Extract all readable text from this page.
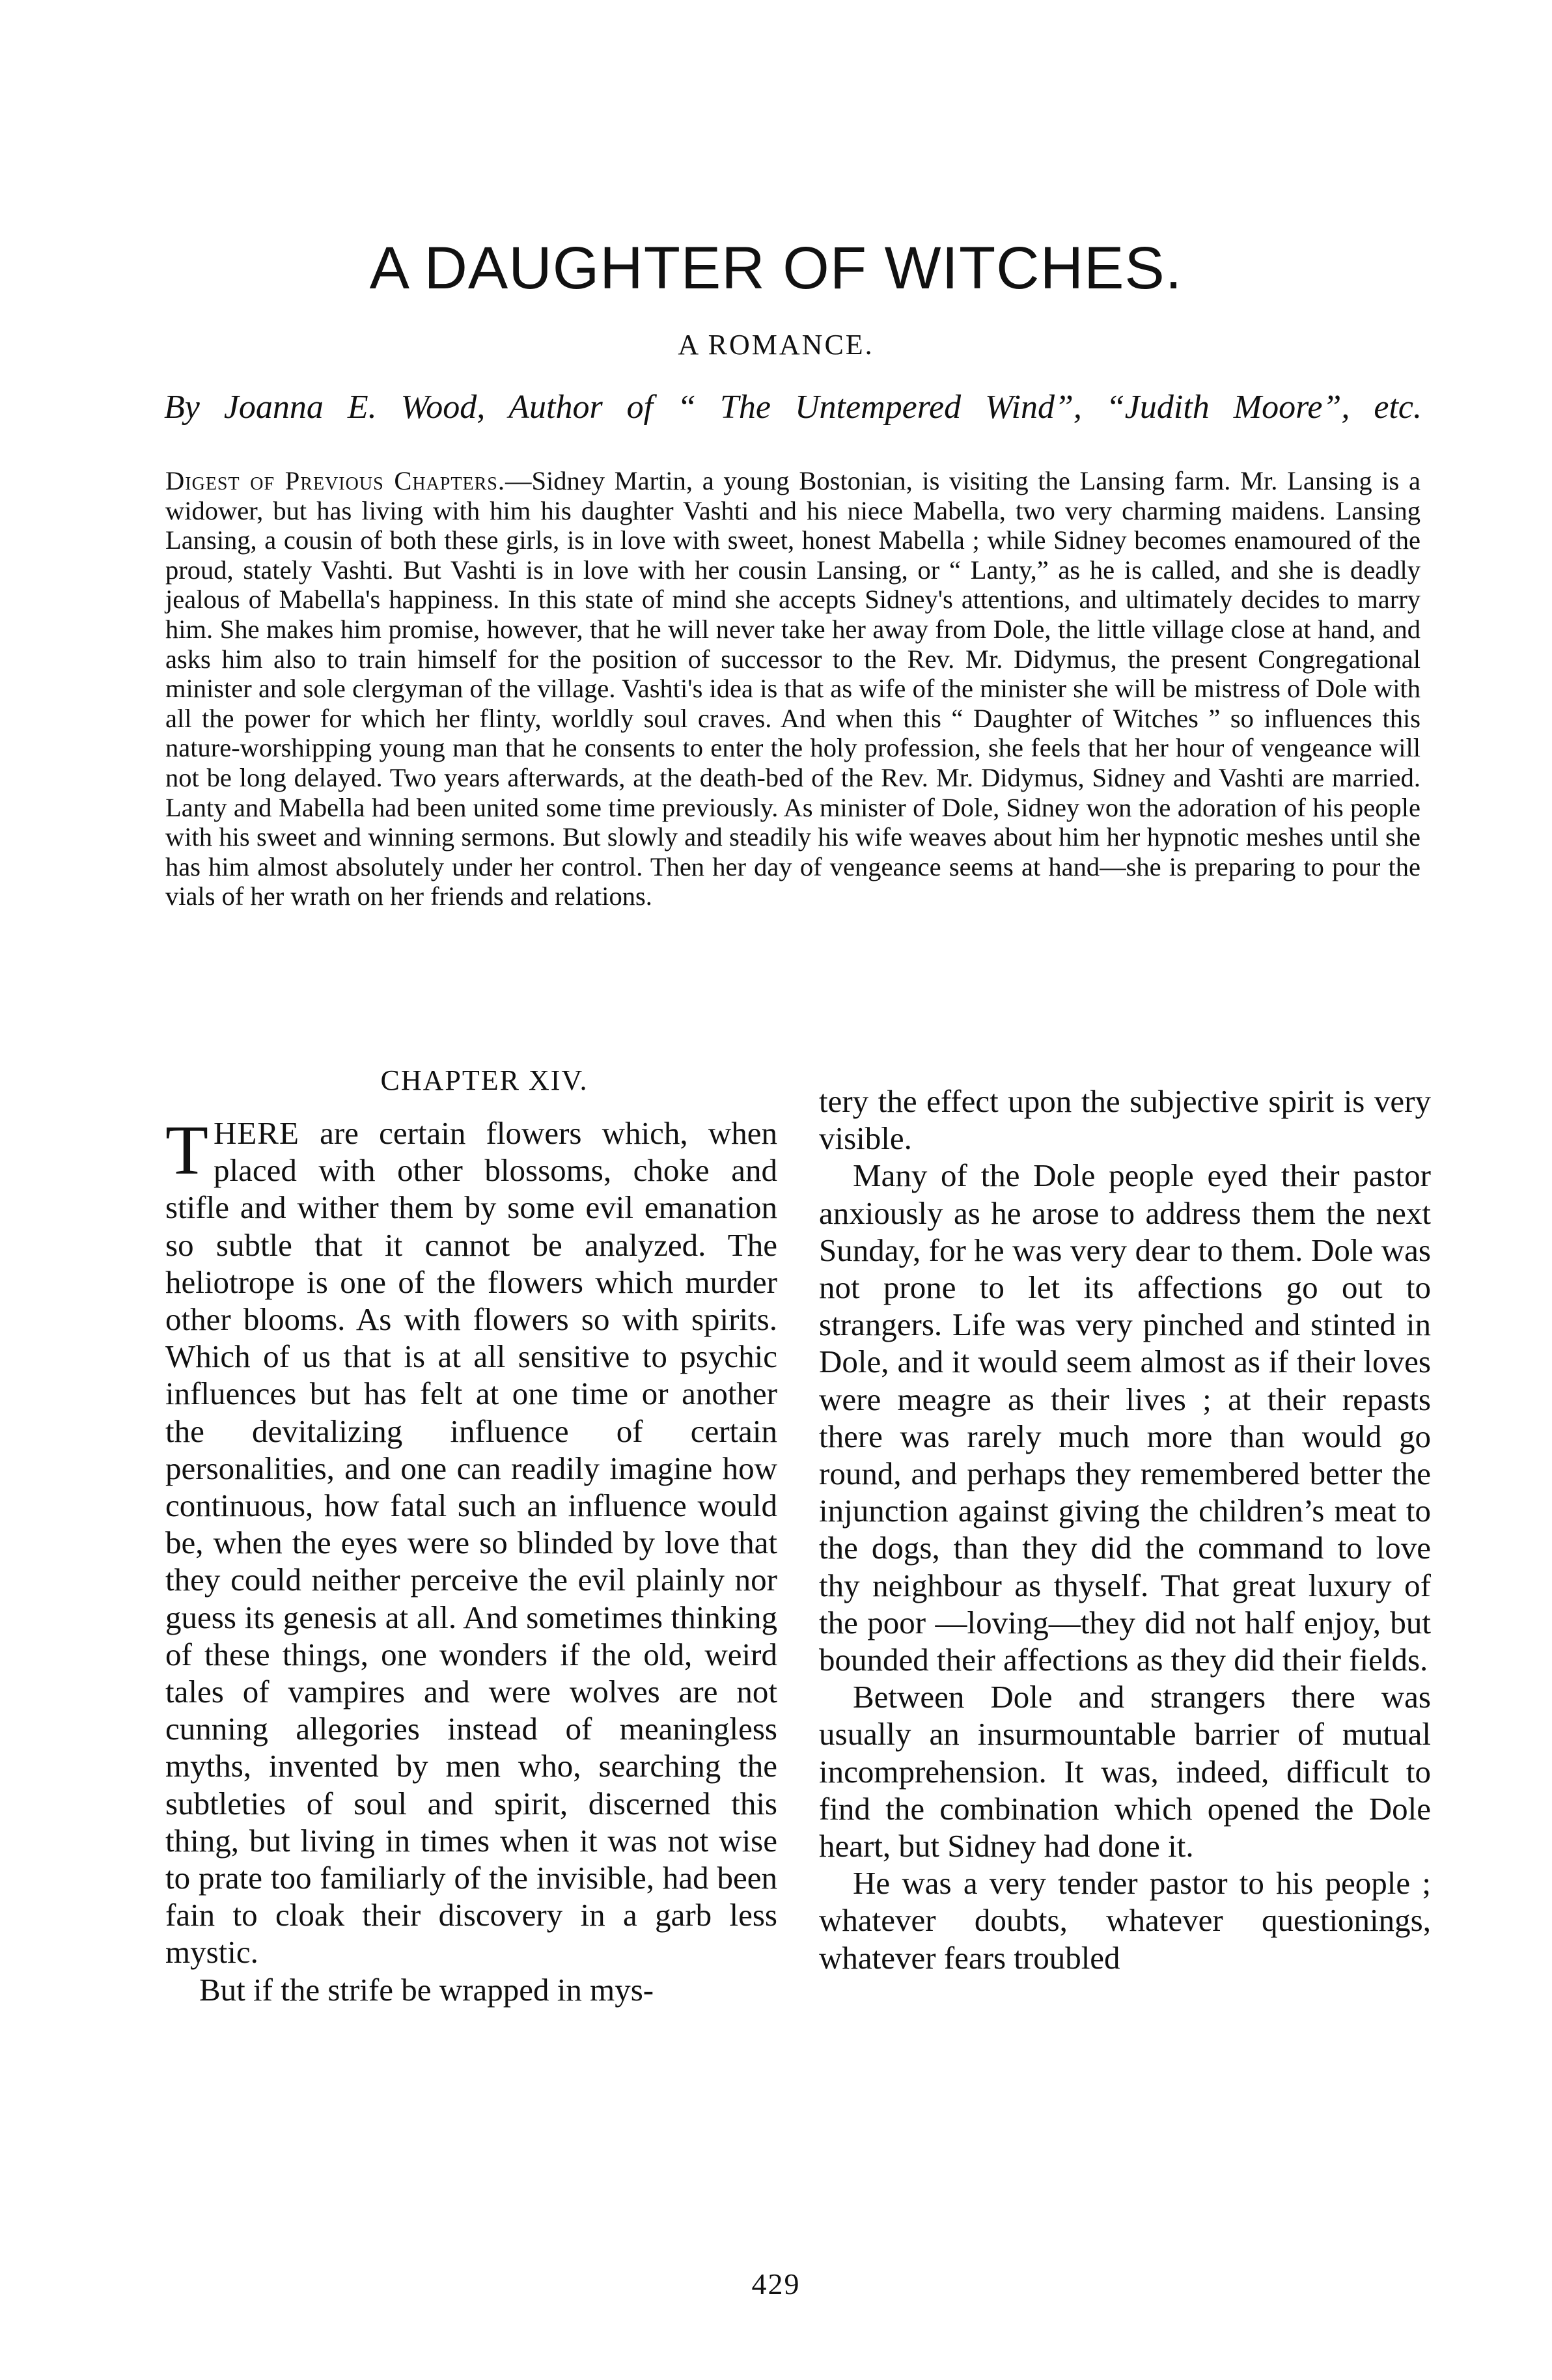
A DAUGHTER OF WITCHES.
A ROMANCE.
By Joanna E. Wood, Author of “ The Untempered Wind”, “Judith Moore”, etc.
Digest of Previous Chapters.—Sidney Martin, a young Bostonian, is visiting the Lansing farm. Mr. Lansing is a widower, but has living with him his daughter Vashti and his niece Mabella, two very charming maidens. Lansing Lansing, a cousin of both these girls, is in love with sweet, honest Mabella ; while Sidney becomes enamoured of the proud, stately Vashti. But Vashti is in love with her cousin Lansing, or “ Lanty,” as he is called, and she is deadly jealous of Mabella's happiness. In this state of mind she accepts Sidney's attentions, and ultimately decides to marry him. She makes him promise, however, that he will never take her away from Dole, the little village close at hand, and asks him also to train himself for the position of successor to the Rev. Mr. Didymus, the present Congregational minister and sole clergyman of the village. Vashti's idea is that as wife of the minister she will be mistress of Dole with all the power for which her flinty, worldly soul craves. And when this “ Daughter of Witches ” so influences this nature-worshipping young man that he consents to enter the holy profession, she feels that her hour of vengeance will not be long delayed. Two years afterwards, at the death-bed of the Rev. Mr. Didymus, Sidney and Vashti are married. Lanty and Mabella had been united some time previously. As minister of Dole, Sidney won the adoration of his people with his sweet and winning sermons. But slowly and steadily his wife weaves about him her hypnotic meshes until she has him almost absolutely under her control. Then her day of vengeance seems at hand—she is preparing to pour the vials of her wrath on her friends and relations.
CHAPTER XIV.

THERE are certain flowers which, when placed with other blossoms, choke and stifle and wither them by some evil emanation so subtle that it cannot be analyzed. The heliotrope is one of the flowers which murder other blooms. As with flowers so with spirits. Which of us that is at all sensitive to psychic influences but has felt at one time or another the devitalizing influence of certain personalities, and one can readily imagine how continuous, how fatal such an influence would be, when the eyes were so blinded by love that they could neither perceive the evil plainly nor guess its genesis at all. And sometimes thinking of these things, one wonders if the old, weird tales of vampires and were wolves are not cunning allegories instead of meaningless myths, invented by men who, searching the subtleties of soul and spirit, discerned this thing, but living in times when it was not wise to prate too familiarly of the invisible, had been fain to cloak their discovery in a garb less mystic.

But if the strife be wrapped in mys-

tery the effect upon the subjective spirit is very visible.

Many of the Dole people eyed their pastor anxiously as he arose to address them the next Sunday, for he was very dear to them. Dole was not prone to let its affections go out to strangers. Life was very pinched and stinted in Dole, and it would seem almost as if their loves were meagre as their lives ; at their repasts there was rarely much more than would go round, and perhaps they remembered better the injunction against giving the children’s meat to the dogs, than they did the command to love thy neighbour as thyself. That great luxury of the poor —loving—they did not half enjoy, but bounded their affections as they did their fields.

Between Dole and strangers there was usually an insurmountable barrier of mutual incomprehension. It was, indeed, difficult to find the combination which opened the Dole heart, but Sidney had done it.

He was a very tender pastor to his people ; whatever doubts, whatever questionings, whatever fears troubled

429
